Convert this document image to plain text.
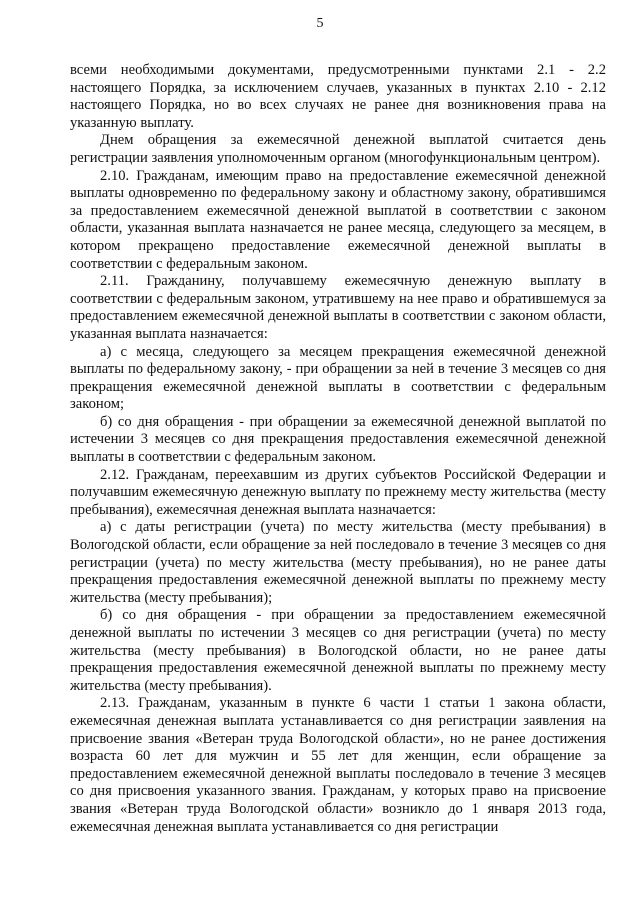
5

всеми необходимыми документами, предусмотренными пунктами 2.1 - 2.2 настоящего Порядка, за исключением случаев, указанных в пунктах 2.10 - 2.12 настоящего Порядка, но во всех случаях не ранее дня возникновения права на указанную выплату.

Днем обращения за ежемесячной денежной выплатой считается день регистрации заявления уполномоченным органом (многофункциональным центром).

2.10. Гражданам, имеющим право на предоставление ежемесячной денежной выплаты одновременно по федеральному закону и областному закону, обратившимся за предоставлением ежемесячной денежной выплатой в соответствии с законом области, указанная выплата назначается не ранее месяца, следующего за месяцем, в котором прекращено предоставление ежемесячной денежной выплаты в соответствии с федеральным законом.

2.11. Гражданину, получавшему ежемесячную денежную выплату в соответствии с федеральным законом, утратившему на нее право и обратившемуся за предоставлением ежемесячной денежной выплаты в соответствии с законом области, указанная выплата назначается:

а) с месяца, следующего за месяцем прекращения ежемесячной денежной выплаты по федеральному закону, - при обращении за ней в течение 3 месяцев со дня прекращения ежемесячной денежной выплаты в соответствии с федеральным законом;

б) со дня обращения - при обращении за ежемесячной денежной выплатой по истечении 3 месяцев со дня прекращения предоставления ежемесячной денежной выплаты в соответствии с федеральным законом.

2.12. Гражданам, переехавшим из других субъектов Российской Федерации и получавшим ежемесячную денежную выплату по прежнему месту жительства (месту пребывания), ежемесячная денежная выплата назначается:

а) с даты регистрации (учета) по месту жительства (месту пребывания) в Вологодской области, если обращение за ней последовало в течение 3 месяцев со дня регистрации (учета) по месту жительства (месту пребывания), но не ранее даты прекращения предоставления ежемесячной денежной выплаты по прежнему месту жительства (месту пребывания);

б) со дня обращения - при обращении за предоставлением ежемесячной денежной выплаты по истечении 3 месяцев со дня регистрации (учета) по месту жительства (месту пребывания) в Вологодской области, но не ранее даты прекращения предоставления ежемесячной денежной выплаты по прежнему месту жительства (месту пребывания).

2.13. Гражданам, указанным в пункте 6 части 1 статьи 1 закона области, ежемесячная денежная выплата устанавливается со дня регистрации заявления на присвоение звания «Ветеран труда Вологодской области», но не ранее достижения возраста 60 лет для мужчин и 55 лет для женщин, если обращение за предоставлением ежемесячной денежной выплаты последовало в течение 3 месяцев со дня присвоения указанного звания. Гражданам, у которых право на присвоение звания «Ветеран труда Вологодской области» возникло до 1 января 2013 года, ежемесячная денежная выплата устанавливается со дня регистрации
